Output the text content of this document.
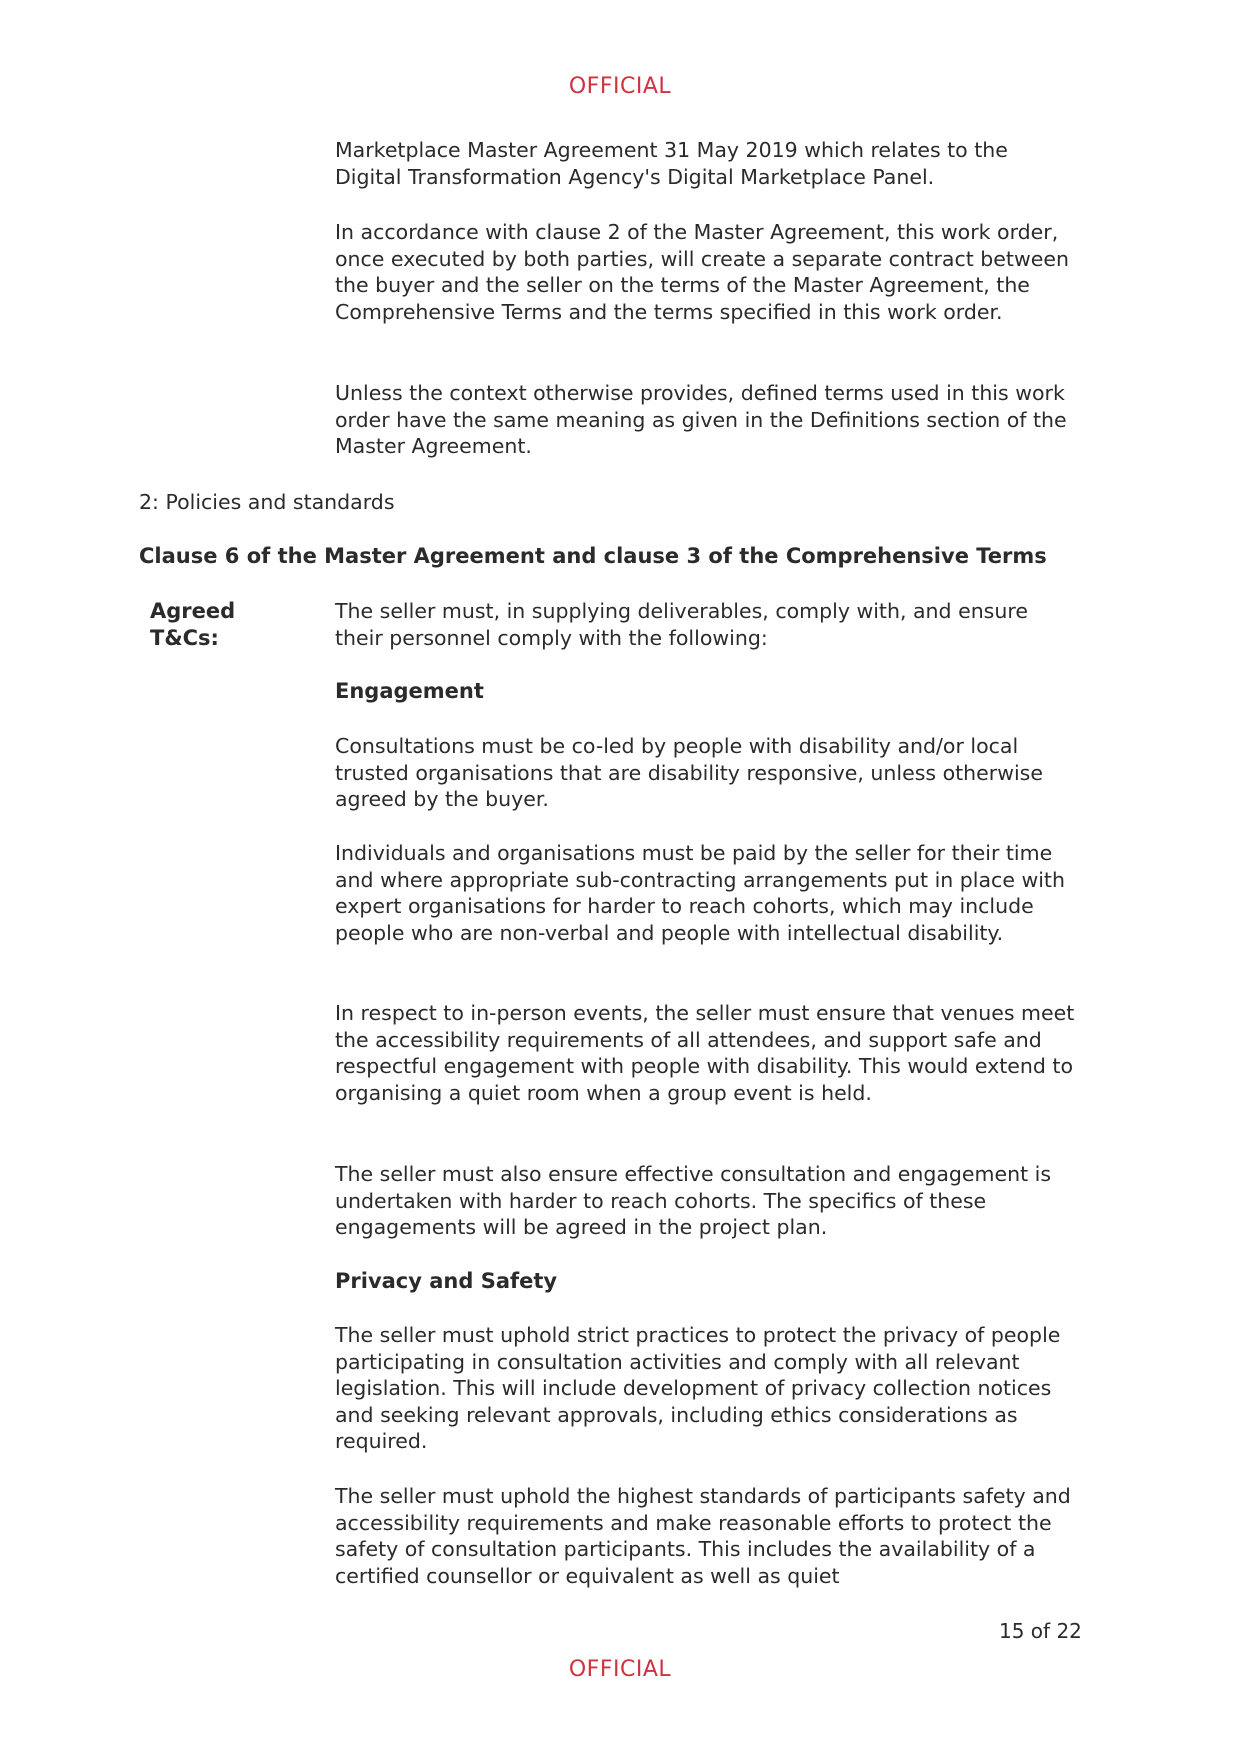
OFFICIAL

Marketplace Master Agreement 31 May 2019 which relates to the Digital Transformation Agency's Digital Marketplace Panel.

In accordance with clause 2 of the Master Agreement, this work order, once executed by both parties, will create a separate contract between the buyer and the seller on the terms of the Master Agreement, the Comprehensive Terms and the terms specified in this work order.

Unless the context otherwise provides, defined terms used in this work order have the same meaning as given in the Definitions section of the Master Agreement.

2: Policies and standards

Clause 6 of the Master Agreement and clause 3 of the Comprehensive Terms

Agreed
T&Cs:

The seller must, in supplying deliverables, comply with, and ensure their personnel comply with the following:

Engagement

Consultations must be co-led by people with disability and/or local trusted organisations that are disability responsive, unless otherwise agreed by the buyer.

Individuals and organisations must be paid by the seller for their time and where appropriate sub-contracting arrangements put in place with expert organisations for harder to reach cohorts, which may include people who are non-verbal and people with intellectual disability.

In respect to in-person events, the seller must ensure that venues meet the accessibility requirements of all attendees, and support safe and respectful engagement with people with disability. This would extend to organising a quiet room when a group event is held.

The seller must also ensure effective consultation and engagement is undertaken with harder to reach cohorts. The specifics of these engagements will be agreed in the project plan.

Privacy and Safety

The seller must uphold strict practices to protect the privacy of people participating in consultation activities and comply with all relevant legislation. This will include development of privacy collection notices and seeking relevant approvals, including ethics considerations as required.

The seller must uphold the highest standards of participants safety and accessibility requirements and make reasonable efforts to protect the safety of consultation participants. This includes the availability of a certified counsellor or equivalent as well as quiet

15 of 22

OFFICIAL
